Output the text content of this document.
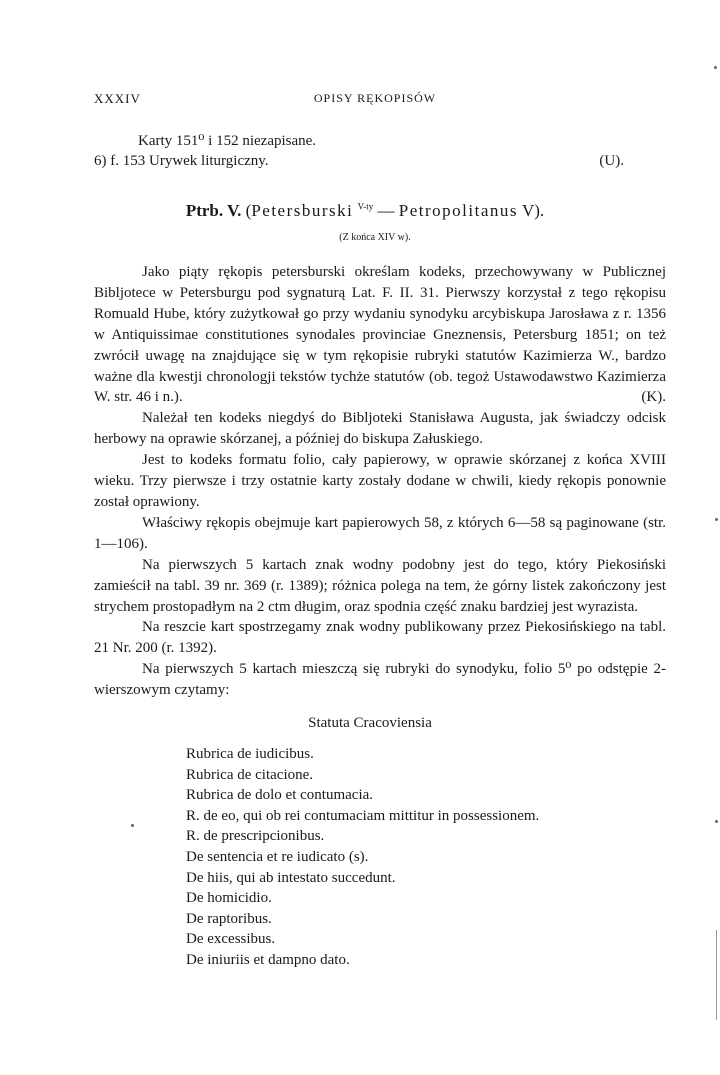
XXXIV	OPISY RĘKOPISÓW
Karty 151⁰ i 152 niezapisane.
6) f. 153 Urywek liturgiczny.	(U).
Ptrb. V. (Petersburski $^{V-ty}$ — Petropolitanus V).
(Z końca XIV w).

Jako piąty rękopis petersburski określam kodeks, przechowywany w Publicznej Bibljotece w Petersburgu pod sygnaturą Lat. F. II. 31. Pierwszy korzystał z tego rękopisu Romuald Hube, który zużytkował go przy wydaniu synodyku arcybiskupa Jarosława z r. 1356 w Antiquissimae constitutiones synodales provinciae Gneznensis, Petersburg 1851; on też zwrócił uwagę na znajdujące się w tym rękopisie rubryki statutów Kazimierza W., bardzo ważne dla kwestji chronologji tekstów tychże statutów (ob. tegoż Ustawodawstwo Kazimierza W. str. 46 i n.).	(K).

Należał ten kodeks niegdyś do Bibljoteki Stanisława Augusta, jak świadczy odcisk herbowy na oprawie skórzanej, a później do biskupa Załuskiego.

Jest to kodeks formatu folio, cały papierowy, w oprawie skórzanej z końca XVIII wieku. Trzy pierwsze i trzy ostatnie karty zostały dodane w chwili, kiedy rękopis ponownie został oprawiony.

Właściwy rękopis obejmuje kart papierowych 58, z których 6—58 są paginowane (str. 1—106).

Na pierwszych 5 kartach znak wodny podobny jest do tego, który Piekosiński zamieścił na tabl. 39 nr. 369 (r. 1389); różnica polega na tem, że górny listek zakończony jest strychem prostopadłym na 2 ctm długim, oraz spodnia część znaku bardziej jest wyrazista.

Na reszcie kart spostrzegamy znak wodny publikowany przez Piekosińskiego na tabl. 21 Nr. 200 (r. 1392).

Na pierwszych 5 kartach mieszczą się rubryki do synodyku, folio 5⁰ po odstępie 2-wierszowym czytamy:

Statuta Cracoviensia
Rubrica de iudicibus.
Rubrica de citacione.
Rubrica de dolo et contumacia.
R. de eo, qui ob rei contumaciam mittitur in possessionem.
R. de prescripcionibus.
De sentencia et re iudicato (s).
De hiis, qui ab intestato succedunt.
De homicidio.
De raptoribus.
De excessibus.
De iniuriis et dampno dato.
